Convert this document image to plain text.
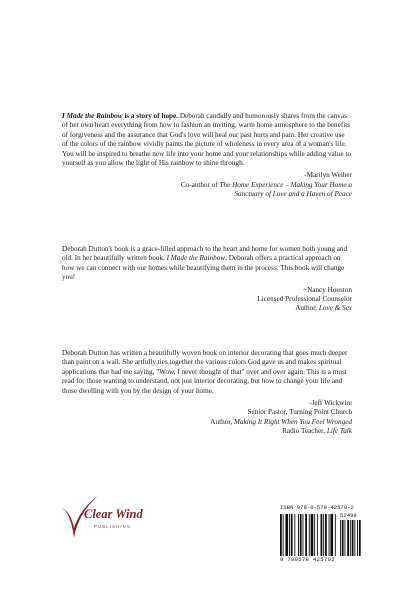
I Made the Rainbow is a story of hope. Deborah candidly and humorously shares from the canvas of her own heart everything from how to fashion an inviting, warm home atmosphere to the benefits of forgiveness and the assurance that God's love will heal our past hurts and pain. Her creative use of the colors of the rainbow vividly paints the picture of wholeness in every area of a woman's life. You will be inspired to breathe new life into your home and your relationships while adding value to yourself as you allow the light of His rainbow to shine through.

-Marilyn Weiher
Co-author of The Home Experience – Making Your Home a
Sanctuary of Love and a Haven of Peace

Deborah Dutton's book is a grace-filled approach to the heart and home for women both young and old. In her beautifully written book, I Made the Rainbow, Deborah offers a practical approach on how we can connect with our homes while beautifying them in the process. This book will change you!

~Nancy Houston
Licensed Professional Counselor
Author, Love & Sex

Deborah Dutton has written a beautifully woven book on interior decorating that goes much deeper than paint on a wall. She artfully ties together the various colors God gave us and makes spiritual applications that had me saying, "Wow, I never thought of that" over and over again. This is a must read for those wanting to understand, not just interior decorating, but how to change your life and those dwelling with you by the design of your home.

-Jeff Wickwire
Senior Pastor, Turning Point Church
Author, Making It Right When You Feel Wronged
Radio Teacher, Life Talk
Clear Wind
PUBLISHING
ISBN 978-0-578-42570-2
52499
9 780578 425702
